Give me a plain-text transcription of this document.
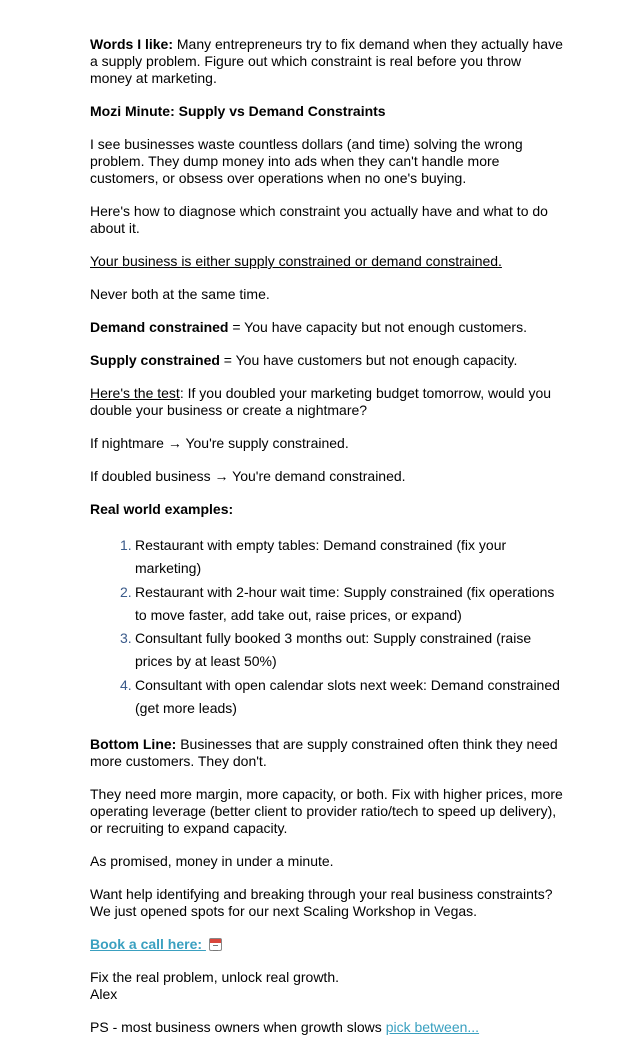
Words I like: Many entrepreneurs try to fix demand when they actually have a supply problem. Figure out which constraint is real before you throw money at marketing.

Mozi Minute: Supply vs Demand Constraints

I see businesses waste countless dollars (and time) solving the wrong problem. They dump money into ads when they can't handle more customers, or obsess over operations when no one's buying.

Here's how to diagnose which constraint you actually have and what to do about it.

Your business is either supply constrained or demand constrained.

Never both at the same time.

Demand constrained = You have capacity but not enough customers.

Supply constrained = You have customers but not enough capacity.

Here's the test: If you doubled your marketing budget tomorrow, would you double your business or create a nightmare?

If nightmare → You're supply constrained.

If doubled business → You're demand constrained.

Real world examples:

1. Restaurant with empty tables: Demand constrained (fix your marketing)
2. Restaurant with 2-hour wait time: Supply constrained (fix operations to move faster, add take out, raise prices, or expand)
3. Consultant fully booked 3 months out: Supply constrained (raise prices by at least 50%)
4. Consultant with open calendar slots next week: Demand constrained (get more leads)

Bottom Line: Businesses that are supply constrained often think they need more customers. They don't.

They need more margin, more capacity, or both. Fix with higher prices, more operating leverage (better client to provider ratio/tech to speed up delivery), or recruiting to expand capacity.

As promised, money in under a minute.

Want help identifying and breaking through your real business constraints? We just opened spots for our next Scaling Workshop in Vegas.

Book a call here:

Fix the real problem, unlock real growth.
Alex

PS - most business owners when growth slows pick between...
